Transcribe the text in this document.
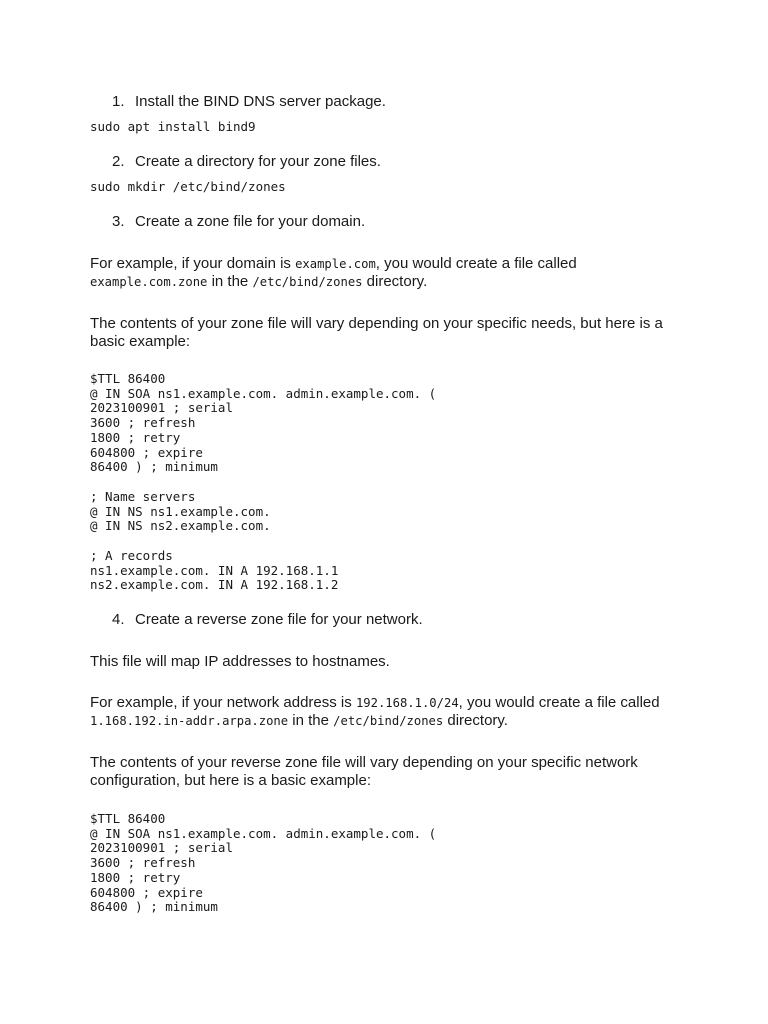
1. Install the BIND DNS server package.
sudo apt install bind9
2. Create a directory for your zone files.
sudo mkdir /etc/bind/zones
3. Create a zone file for your domain.
For example, if your domain is example.com, you would create a file called
example.com.zone in the /etc/bind/zones directory.
The contents of your zone file will vary depending on your specific needs, but here is a basic example:
$TTL 86400
@ IN SOA ns1.example.com. admin.example.com. (
2023100901 ; serial
3600 ; refresh
1800 ; retry
604800 ; expire
86400 ) ; minimum
; Name servers
@ IN NS ns1.example.com.
@ IN NS ns2.example.com.
; A records
ns1.example.com. IN A 192.168.1.1
ns2.example.com. IN A 192.168.1.2
4. Create a reverse zone file for your network.
This file will map IP addresses to hostnames.
For example, if your network address is 192.168.1.0/24, you would create a file called
1.168.192.in-addr.arpa.zone in the /etc/bind/zones directory.
The contents of your reverse zone file will vary depending on your specific network configuration, but here is a basic example:
$TTL 86400
@ IN SOA ns1.example.com. admin.example.com. (
2023100901 ; serial
3600 ; refresh
1800 ; retry
604800 ; expire
86400 ) ; minimum
